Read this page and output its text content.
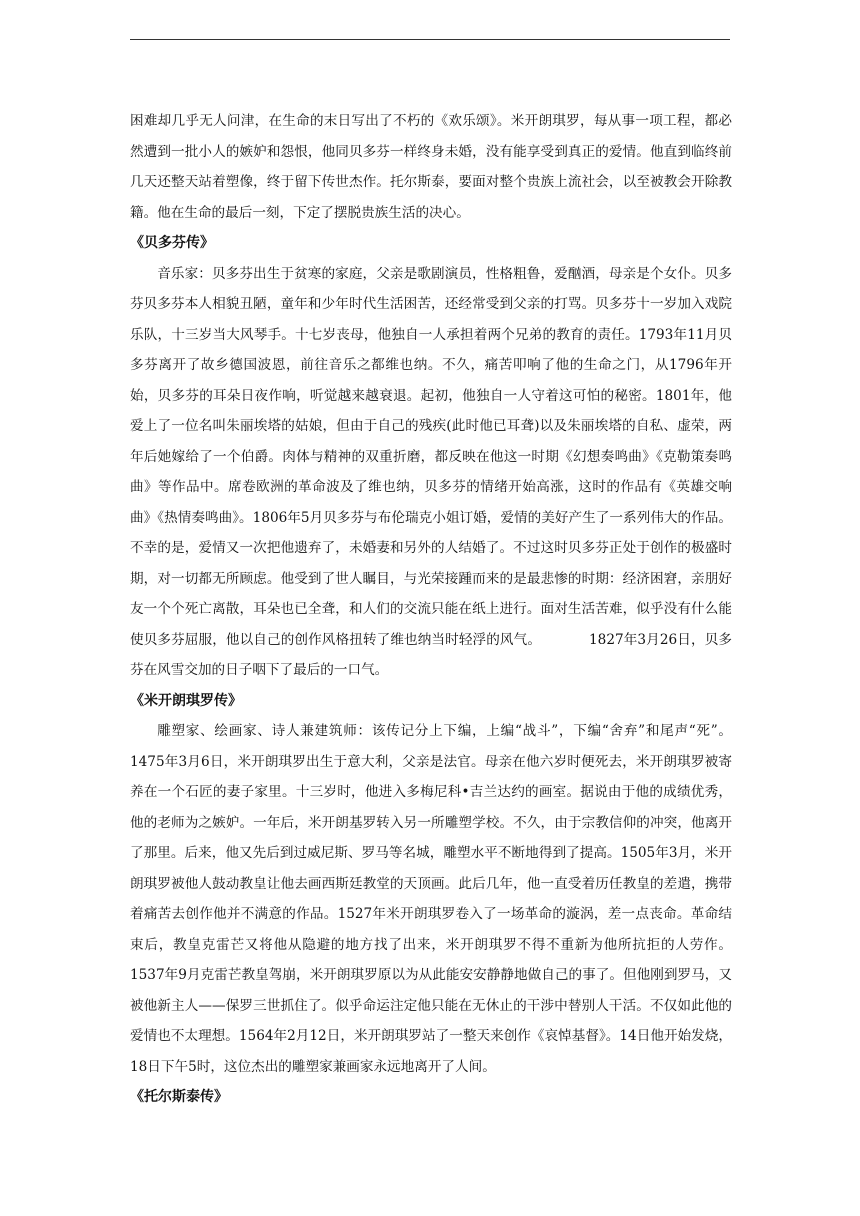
困难却几乎无人问津，在生命的末日写出了不朽的《欢乐颂》。米开朗琪罗，每从事一项工程，都必然遭到一批小人的嫉妒和怨恨，他同贝多芬一样终身未婚，没有能享受到真正的爱情。他直到临终前几天还整天站着塑像，终于留下传世杰作。托尔斯泰，要面对整个贵族上流社会，以至被教会开除教籍。他在生命的最后一刻，下定了摆脱贵族生活的决心。

《贝多芬传》

音乐家：贝多芬出生于贫寒的家庭，父亲是歌剧演员，性格粗鲁，爱酗酒，母亲是个女仆。贝多芬贝多芬本人相貌丑陋，童年和少年时代生活困苦，还经常受到父亲的打骂。贝多芬十一岁加入戏院乐队，十三岁当大风琴手。十七岁丧母，他独自一人承担着两个兄弟的教育的责任。1793年11月贝多芬离开了故乡德国波恩，前往音乐之都维也纳。不久，痛苦叩响了他的生命之门，从1796年开始，贝多芬的耳朵日夜作响，听觉越来越衰退。起初，他独自一人守着这可怕的秘密。1801年，他爱上了一位名叫朱丽埃塔的姑娘，但由于自己的残疾(此时他已耳聋)以及朱丽埃塔的自私、虚荣，两年后她嫁给了一个伯爵。肉体与精神的双重折磨，都反映在他这一时期《幻想奏鸣曲》《克勒策奏鸣曲》等作品中。席卷欧洲的革命波及了维也纳，贝多芬的情绪开始高涨，这时的作品有《英雄交响曲》《热情奏鸣曲》。1806年5月贝多芬与布伦瑞克小姐订婚，爱情的美好产生了一系列伟大的作品。不幸的是，爱情又一次把他遗弃了，未婚妻和另外的人结婚了。不过这时贝多芬正处于创作的极盛时期，对一切都无所顾虑。他受到了世人瞩目，与光荣接踵而来的是最悲惨的时期：经济困窘，亲朋好友一个个死亡离散，耳朵也已全聋，和人们的交流只能在纸上进行。面对生活苦难，似乎没有什么能使贝多芬屈服，他以自己的创作风格扭转了维也纳当时轻浮的风气。　　　　1827年3月26日，贝多芬在风雪交加的日子咽下了最后的一口气。

《米开朗琪罗传》

雕塑家、绘画家、诗人兼建筑师：该传记分上下编，上编“战斗”，下编“舍弃”和尾声“死”。1475年3月6日，米开朗琪罗出生于意大利，父亲是法官。母亲在他六岁时便死去，米开朗琪罗被寄养在一个石匠的妻子家里。十三岁时，他进入多梅尼科•吉兰达约的画室。据说由于他的成绩优秀，他的老师为之嫉妒。一年后，米开朗基罗转入另一所雕塑学校。不久，由于宗教信仰的冲突，他离开了那里。后来，他又先后到过威尼斯、罗马等名城，雕塑水平不断地得到了提高。1505年3月，米开朗琪罗被他人鼓动教皇让他去画西斯廷教堂的天顶画。此后几年，他一直受着历任教皇的差遣，携带着痛苦去创作他并不满意的作品。1527年米开朗琪罗卷入了一场革命的漩涡，差一点丧命。革命结束后，教皇克雷芒又将他从隐避的地方找了出来，米开朗琪罗不得不重新为他所抗拒的人劳作。1537年9月克雷芒教皇驾崩，米开朗琪罗原以为从此能安安静静地做自己的事了。但他刚到罗马，又被他新主人——保罗三世抓住了。似乎命运注定他只能在无休止的干涉中替别人干活。不仅如此他的爱情也不太理想。1564年2月12日，米开朗琪罗站了一整天来创作《哀悼基督》。14日他开始发烧，18日下午5时，这位杰出的雕塑家兼画家永远地离开了人间。

《托尔斯泰传》
